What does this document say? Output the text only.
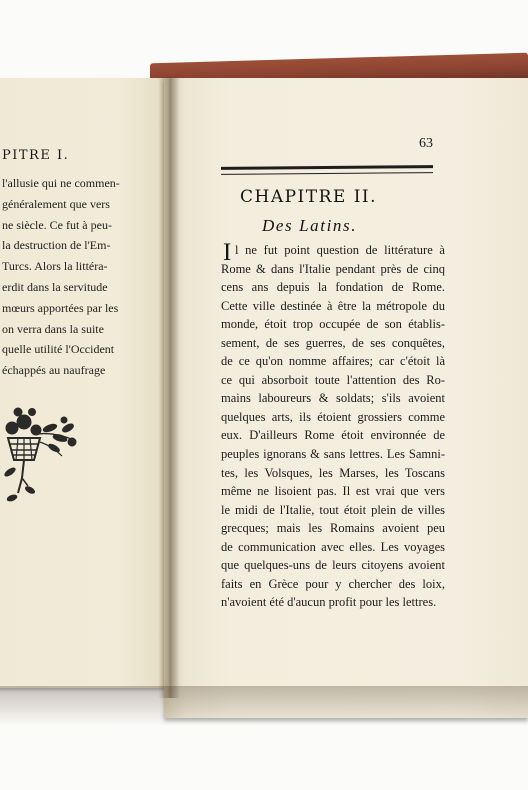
PITRE I.
l'allusie qui ne commen-
généralement que vers
ne siècle. Ce fut à peu-
la destruction de l'Em-
Turcs. Alors la littéra-
erdit dans la servitude
mœurs apportées par les
on verra dans la suite
quelle utilité l'Occident
échappés au naufrage
63
CHAPITRE II.
Des Latins.
I l ne fut point question de littérature à
Rome & dans l'Italie pendant près de cinq
cens ans depuis la fondation de Rome.
Cette ville destinée à être la métropole du
monde, étoit trop occupée de son établis-
sement, de ses guerres, de ses conquêtes,
de ce qu'on nomme affaires; car c'étoit là
ce qui absorboit toute l'attention des Ro-
mains laboureurs & soldats; s'ils avoient
quelques arts, ils étoient grossiers comme
eux. D'ailleurs Rome étoit environnée de
peuples ignorans & sans lettres. Les Samni-
tes, les Volsques, les Marses, les Toscans
même ne lisoient pas. Il est vrai que vers
le midi de l'Italie, tout étoit plein de villes
grecques; mais les Romains avoient peu
de communication avec elles. Les voyages
que quelques-uns de leurs citoyens avoient
faits en Grèce pour y chercher des loix,
n'avoient été d'aucun profit pour les lettres.
